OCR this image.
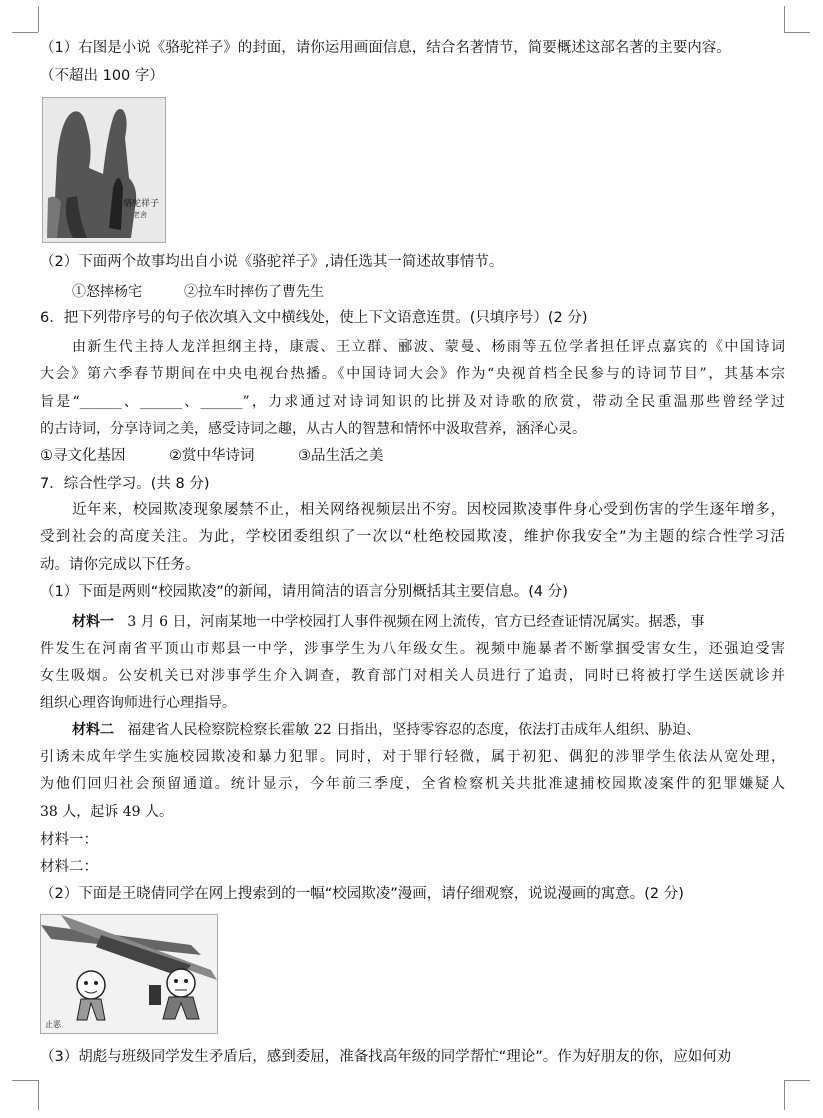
（1）右图是小说《骆驼祥子》的封面，请你运用画面信息，结合名著情节，简要概述这部名著的主要内容。
（不超出 100 字）
骆驼祥子
老舍
（2）下面两个故事均出自小说《骆驼祥子》,请任选其一简述故事情节。
①怒摔杨宅　　　②拉车时摔伤了曹先生
6．把下列带序号的句子依次填入文中横线处，使上下文语意连贯。(只填序号）(2 分)
由新生代主持人龙洋担纲主持，康震、王立群、郦波、蒙曼、杨雨等五位学者担任评点嘉宾的《中国诗词
大会》第六季春节期间在中央电视台热播。《中国诗词大会》作为“央视首档全民参与的诗词节目”，其基本宗
旨是“______、______、______”，力求通过对诗词知识的比拼及对诗歌的欣赏，带动全民重温那些曾经学过
的古诗词，分享诗词之美，感受诗词之趣，从古人的智慧和情怀中汲取营养，涵泽心灵。
①寻文化基因　　　②赏中华诗词　　　③品生活之美
7．综合性学习。(共 8 分)
近年来，校园欺凌现象屡禁不止，相关网络视频层出不穷。因校园欺凌事件身心受到伤害的学生逐年增多，
受到社会的高度关注。为此，学校团委组织了一次以“杜绝校园欺凌，维护你我安全”为主题的综合性学习活
动。请你完成以下任务。
（1）下面是两则“校园欺凌”的新闻，请用简洁的语言分别概括其主要信息。(4 分)
材料一 3 月 6 日，河南某地一中学校园打人事件视频在网上流传，官方已经查证情况属实。据悉，事
件发生在河南省平顶山市郏县一中学，涉事学生为八年级女生。视频中施暴者不断掌掴受害女生，还强迫受害
女生吸烟。公安机关已对涉事学生介入调查，教育部门对相关人员进行了追责，同时已将被打学生送医就诊并
组织心理咨询师进行心理指导。
材料二 福建省人民检察院检察长霍敏 22 日指出，坚持零容忍的态度，依法打击成年人组织、胁迫、
引诱未成年学生实施校园欺凌和暴力犯罪。同时，对于罪行轻微，属于初犯、偶犯的涉罪学生依法从宽处理，
为他们回归社会预留通道。统计显示，今年前三季度，全省检察机关共批准逮捕校园欺凌案件的犯罪嫌疑人
38 人，起诉 49 人。
材料一：
材料二：
（2）下面是王晓倩同学在网上搜索到的一幅“校园欺凌”漫画，请仔细观察，说说漫画的寓意。(2 分)
止恶
（3）胡彪与班级同学发生矛盾后，感到委屈，准备找高年级的同学帮忙“理论”。作为好朋友的你，应如何劝
